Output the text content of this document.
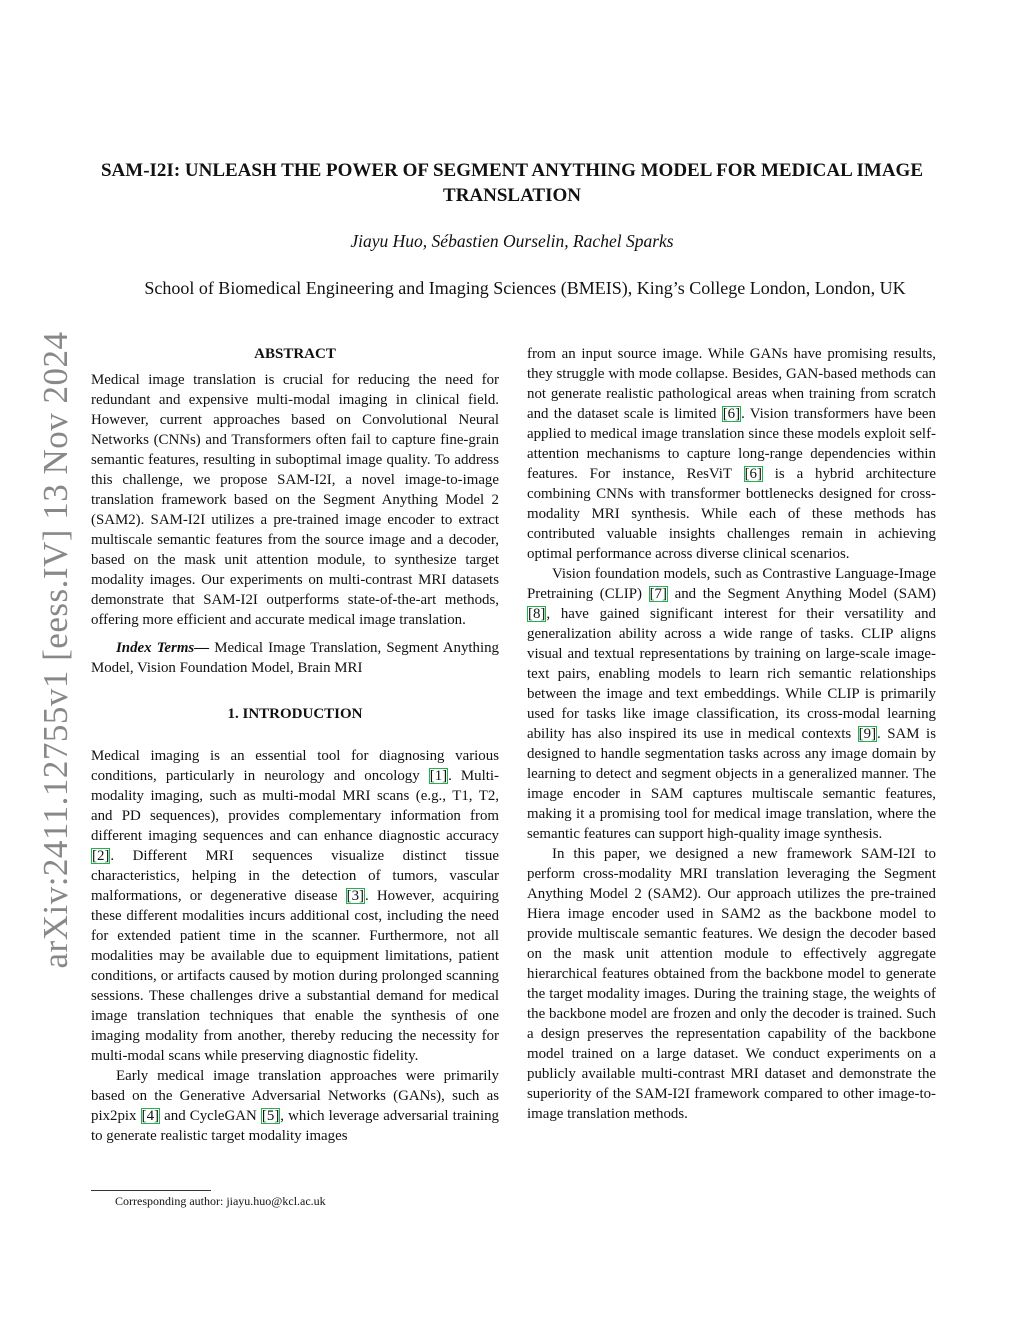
SAM-I2I: UNLEASH THE POWER OF SEGMENT ANYTHING MODEL FOR MEDICAL IMAGE TRANSLATION
Jiayu Huo, Sébastien Ourselin, Rachel Sparks
School of Biomedical Engineering and Imaging Sciences (BMEIS), King’s College London, London, UK
arXiv:2411.12755v1 [eess.IV] 13 Nov 2024	ABSTRACT

Medical image translation is crucial for reducing the need for redundant and expensive multi-modal imaging in clinical field. However, current approaches based on Convolutional Neural Networks (CNNs) and Transformers often fail to capture fine-grain semantic features, resulting in suboptimal image quality. To address this challenge, we propose SAM-I2I, a novel image-to-image translation framework based on the Segment Anything Model 2 (SAM2). SAM-I2I utilizes a pre-trained image encoder to extract multiscale semantic features from the source image and a decoder, based on the mask unit attention module, to synthesize target modality images. Our experiments on multi-contrast MRI datasets demonstrate that SAM-I2I outperforms state-of-the-art methods, offering more efficient and accurate medical image translation.

Index Terms— Medical Image Translation, Segment Anything Model, Vision Foundation Model, Brain MRI

1. INTRODUCTION

Medical imaging is an essential tool for diagnosing various conditions, particularly in neurology and oncology [1]. Multi-modality imaging, such as multi-modal MRI scans (e.g., T1, T2, and PD sequences), provides complementary information from different imaging sequences and can enhance diagnostic accuracy [2]. Different MRI sequences visualize distinct tissue characteristics, helping in the detection of tumors, vascular malformations, or degenerative disease [3]. However, acquiring these different modalities incurs additional cost, including the need for extended patient time in the scanner. Furthermore, not all modalities may be available due to equipment limitations, patient conditions, or artifacts caused by motion during prolonged scanning sessions. These challenges drive a substantial demand for medical image translation techniques that enable the synthesis of one imaging modality from another, thereby reducing the necessity for multi-modal scans while preserving diagnostic fidelity.

Early medical image translation approaches were primarily based on the Generative Adversarial Networks (GANs), such as pix2pix [4] and CycleGAN [5], which leverage adversarial training to generate realistic target modality images

Corresponding author: jiayu.huo@kcl.ac.uk

from an input source image. While GANs have promising results, they struggle with mode collapse. Besides, GAN-based methods can not generate realistic pathological areas when training from scratch and the dataset scale is limited [6]. Vision transformers have been applied to medical image translation since these models exploit self-attention mechanisms to capture long-range dependencies within features. For instance, ResViT [6] is a hybrid architecture combining CNNs with transformer bottlenecks designed for cross-modality MRI synthesis. While each of these methods has contributed valuable insights challenges remain in achieving optimal performance across diverse clinical scenarios.

Vision foundation models, such as Contrastive Language-Image Pretraining (CLIP) [7] and the Segment Anything Model (SAM) [8], have gained significant interest for their versatility and generalization ability across a wide range of tasks. CLIP aligns visual and textual representations by training on large-scale image-text pairs, enabling models to learn rich semantic relationships between the image and text embeddings. While CLIP is primarily used for tasks like image classification, its cross-modal learning ability has also inspired its use in medical contexts [9]. SAM is designed to handle segmentation tasks across any image domain by learning to detect and segment objects in a generalized manner. The image encoder in SAM captures multiscale semantic features, making it a promising tool for medical image translation, where the semantic features can support high-quality image synthesis.

In this paper, we designed a new framework SAM-I2I to perform cross-modality MRI translation leveraging the Segment Anything Model 2 (SAM2). Our approach utilizes the pre-trained Hiera image encoder used in SAM2 as the backbone model to provide multiscale semantic features. We design the decoder based on the mask unit attention module to effectively aggregate hierarchical features obtained from the backbone model to generate the target modality images. During the training stage, the weights of the backbone model are frozen and only the decoder is trained. Such a design preserves the representation capability of the backbone model trained on a large dataset. We conduct experiments on a publicly available multi-contrast MRI dataset and demonstrate the superiority of the SAM-I2I framework compared to other image-to-image translation methods.
